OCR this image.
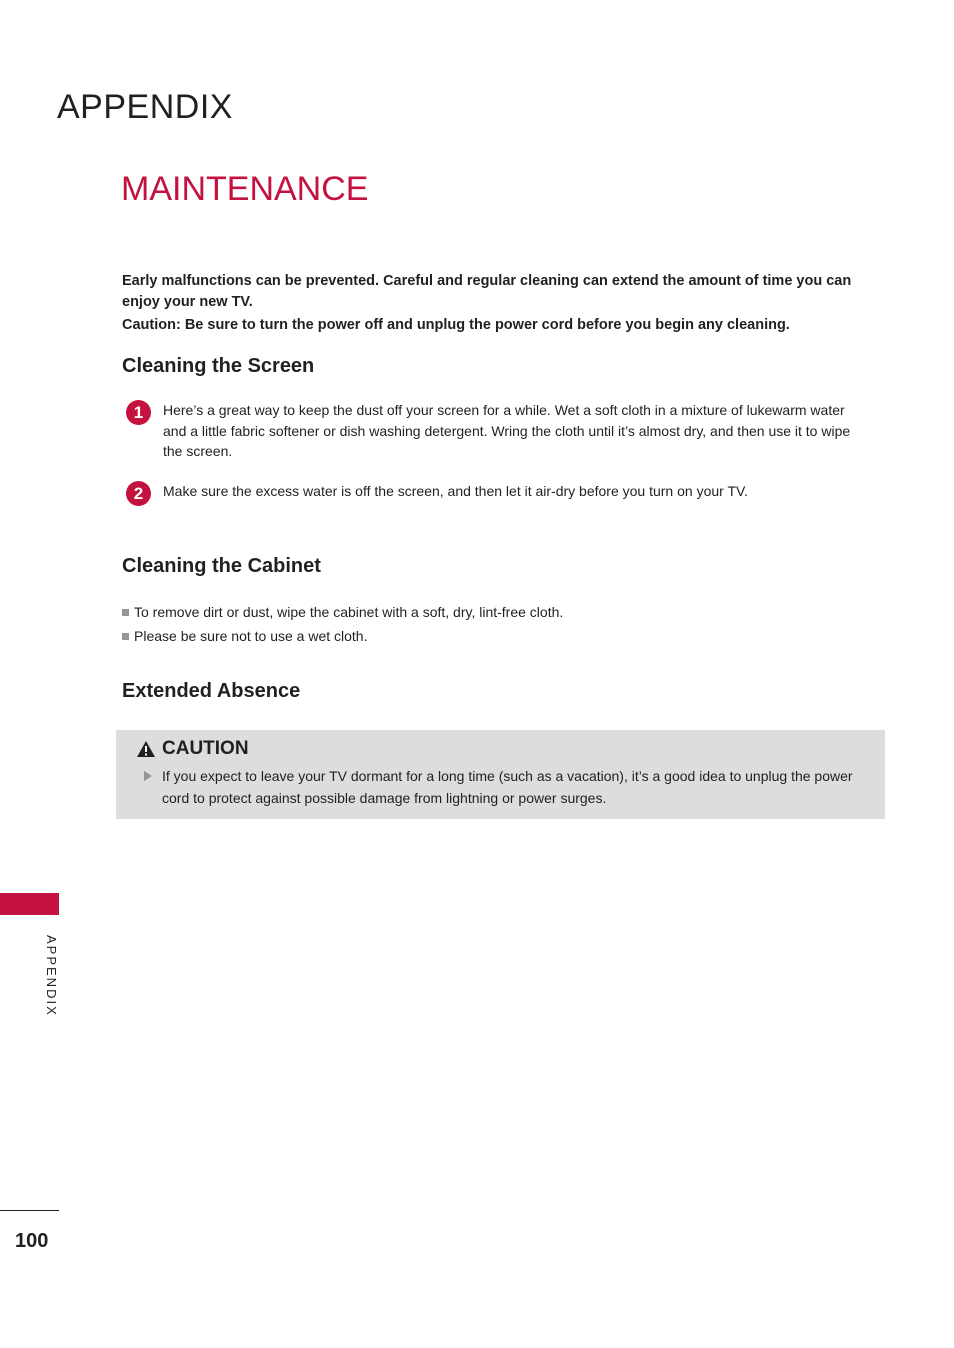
APPENDIX
MAINTENANCE

Early malfunctions can be prevented. Careful and regular cleaning can extend the amount of time you can enjoy your new TV.

Caution: Be sure to turn the power off and unplug the power cord before you begin any cleaning.

Cleaning the Screen
1	Here’s a great way to keep the dust off your screen for a while. Wet a soft cloth in a mixture of lukewarm water and a little fabric softener or dish washing detergent. Wring the cloth until it’s almost dry, and then use it to wipe the screen.

2	Make sure the excess water is off the screen, and then let it air-dry before you turn on your TV.

Cleaning the Cabinet
To remove dirt or dust, wipe the cabinet with a soft, dry, lint-free cloth.
Please be sure not to use a wet cloth.
Extended Absence
CAUTION

If you expect to leave your TV dormant for a long time (such as a vacation), it’s a good idea to unplug the power cord to protect against possible damage from lightning or power surges.

APPENDIX
100
